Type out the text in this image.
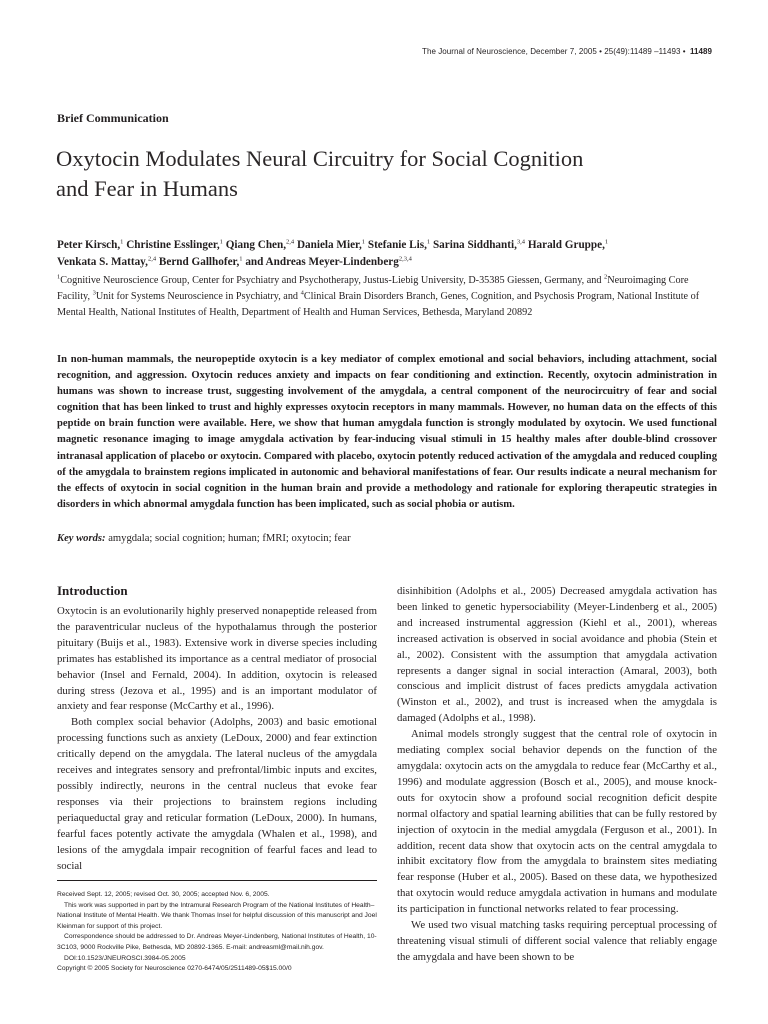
The Journal of Neuroscience, December 7, 2005 • 25(49):11489 –11493 • 11489
Brief Communication
Oxytocin Modulates Neural Circuitry for Social Cognition
and Fear in Humans

Peter Kirsch,$^1$ Christine Esslinger,$^1$ Qiang Chen,$^{2,4}$ Daniela Mier,$^1$ Stefanie Lis,$^1$ Sarina Siddhanti,$^{3,4}$ Harald Gruppe,$^1$
Venkata S. Mattay,$^{2,4}$ Bernd Gallhofer,$^1$ and Andreas Meyer-Lindenberg$^{2,3,4}$

$^1$Cognitive Neuroscience Group, Center for Psychiatry and Psychotherapy, Justus-Liebig University, D-35385 Giessen, Germany, and $^2$Neuroimaging Core Facility, $^3$Unit for Systems Neuroscience in Psychiatry, and $^4$Clinical Brain Disorders Branch, Genes, Cognition, and Psychosis Program, National Institute of Mental Health, National Institutes of Health, Department of Health and Human Services, Bethesda, Maryland 20892

In non-human mammals, the neuropeptide oxytocin is a key mediator of complex emotional and social behaviors, including attachment, social recognition, and aggression. Oxytocin reduces anxiety and impacts on fear conditioning and extinction. Recently, oxytocin administration in humans was shown to increase trust, suggesting involvement of the amygdala, a central component of the neurocircuitry of fear and social cognition that has been linked to trust and highly expresses oxytocin receptors in many mammals. However, no human data on the effects of this peptide on brain function were available. Here, we show that human amygdala function is strongly modulated by oxytocin. We used functional magnetic resonance imaging to image amygdala activation by fear-inducing visual stimuli in 15 healthy males after double-blind crossover intranasal application of placebo or oxytocin. Compared with placebo, oxytocin potently reduced activation of the amygdala and reduced coupling of the amygdala to brainstem regions implicated in autonomic and behavioral manifestations of fear. Our results indicate a neural mechanism for the effects of oxytocin in social cognition in the human brain and provide a methodology and rationale for exploring therapeutic strategies in disorders in which abnormal amygdala function has been implicated, such as social phobia or autism.

Key words: amygdala; social cognition; human; fMRI; oxytocin; fear
Introduction

Oxytocin is an evolutionarily highly preserved nonapeptide released from the paraventricular nucleus of the hypothalamus through the posterior pituitary (Buijs et al., 1983). Extensive work in diverse species including primates has established its importance as a central mediator of prosocial behavior (Insel and Fernald, 2004). In addition, oxytocin is released during stress (Jezova et al., 1995) and is an important modulator of anxiety and fear response (McCarthy et al., 1996).

Both complex social behavior (Adolphs, 2003) and basic emotional processing functions such as anxiety (LeDoux, 2000) and fear extinction critically depend on the amygdala. The lateral nucleus of the amygdala receives and integrates sensory and prefrontal/limbic inputs and excites, possibly indirectly, neurons in the central nucleus that evoke fear responses via their projections to brainstem regions including periaqueductal gray and reticular formation (LeDoux, 2000). In humans, fearful faces potently activate the amygdala (Whalen et al., 1998), and lesions of the amygdala impair recognition of fearful faces and lead to social

disinhibition (Adolphs et al., 2005) Decreased amygdala activation has been linked to genetic hypersociability (Meyer-Lindenberg et al., 2005) and increased instrumental aggression (Kiehl et al., 2001), whereas increased activation is observed in social avoidance and phobia (Stein et al., 2002). Consistent with the assumption that amygdala activation represents a danger signal in social interaction (Amaral, 2003), both conscious and implicit distrust of faces predicts amygdala activation (Winston et al., 2002), and trust is increased when the amygdala is damaged (Adolphs et al., 1998).

Animal models strongly suggest that the central role of oxytocin in mediating complex social behavior depends on the function of the amygdala: oxytocin acts on the amygdala to reduce fear (McCarthy et al., 1996) and modulate aggression (Bosch et al., 2005), and mouse knock-outs for oxytocin show a profound social recognition deficit despite normal olfactory and spatial learning abilities that can be fully restored by injection of oxytocin in the medial amygdala (Ferguson et al., 2001). In addition, recent data show that oxytocin acts on the central amygdala to inhibit excitatory flow from the amygdala to brainstem sites mediating fear response (Huber et al., 2005). Based on these data, we hypothesized that oxytocin would reduce amygdala activation in humans and modulate its participation in functional networks related to fear processing.

We used two visual matching tasks requiring perceptual processing of threatening visual stimuli of different social valence that reliably engage the amygdala and have been shown to be

Received Sept. 12, 2005; revised Oct. 30, 2005; accepted Nov. 6, 2005.

This work was supported in part by the Intramural Research Program of the National Institutes of Health–National Institute of Mental Health. We thank Thomas Insel for helpful discussion of this manuscript and Joel Kleinman for support of this project.

Correspondence should be addressed to Dr. Andreas Meyer-Lindenberg, National Institutes of Health, 10-3C103, 9000 Rockville Pike, Bethesda, MD 20892-1365. E-mail: andreasml@mail.nih.gov.

DOI:10.1523/JNEUROSCI.3984-05.2005

Copyright © 2005 Society for Neuroscience 0270-6474/05/2511489-05$15.00/0
